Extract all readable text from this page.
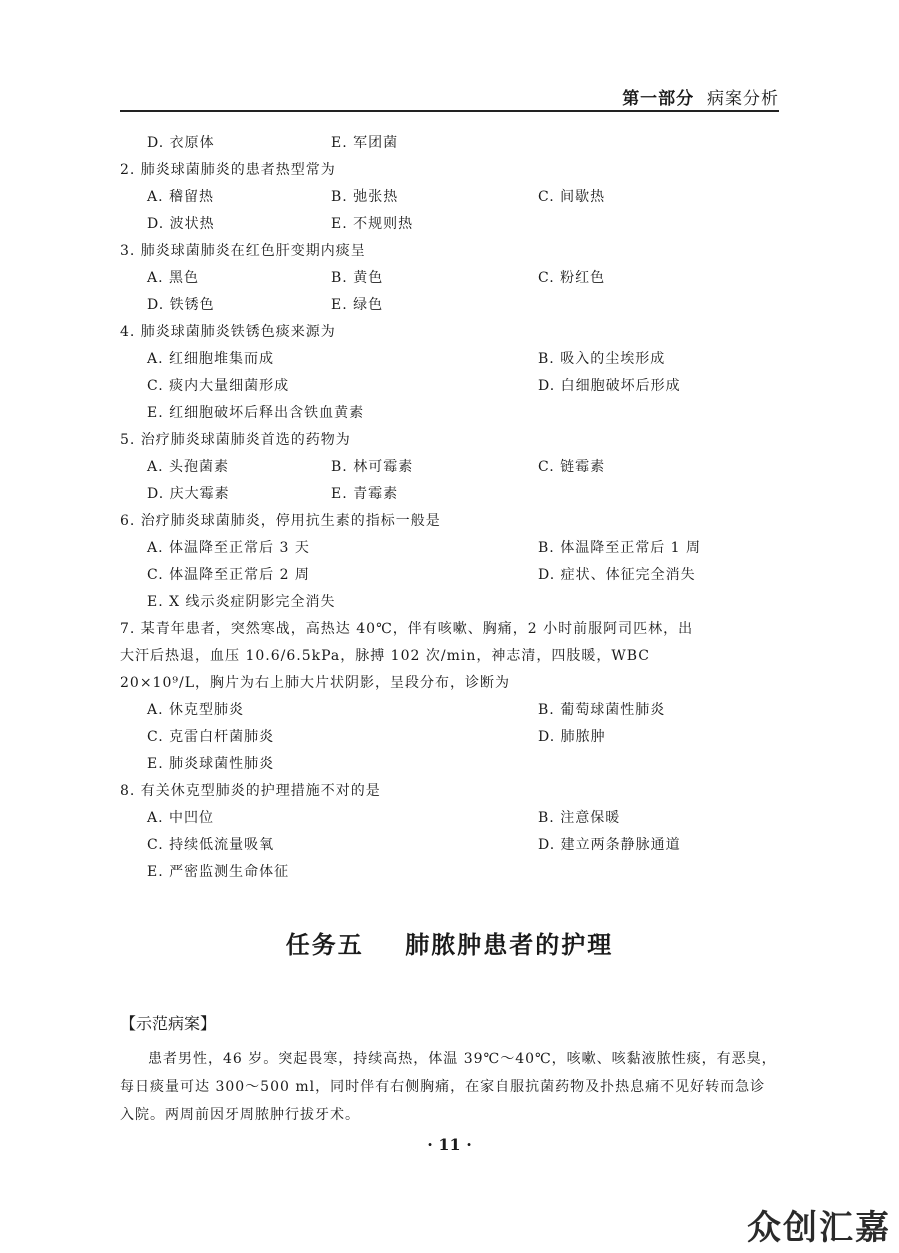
第一部分 病案分析
D. 衣原体	E. 军团菌
2. 肺炎球菌肺炎的患者热型常为
A. 稽留热	B. 弛张热	C. 间歇热
D. 波状热	E. 不规则热
3. 肺炎球菌肺炎在红色肝变期内痰呈
A. 黑色	B. 黄色	C. 粉红色
D. 铁锈色	E. 绿色
4. 肺炎球菌肺炎铁锈色痰来源为
A. 红细胞堆集而成	B. 吸入的尘埃形成
C. 痰内大量细菌形成	D. 白细胞破坏后形成
E. 红细胞破坏后释出含铁血黄素
5. 治疗肺炎球菌肺炎首选的药物为
A. 头孢菌素	B. 林可霉素	C. 链霉素
D. 庆大霉素	E. 青霉素
6. 治疗肺炎球菌肺炎，停用抗生素的指标一般是
A. 体温降至正常后 3 天	B. 体温降至正常后 1 周
C. 体温降至正常后 2 周	D. 症状、体征完全消失
E. X 线示炎症阴影完全消失
7. 某青年患者，突然寒战，高热达 40℃，伴有咳嗽、胸痛，2 小时前服阿司匹林，出
大汗后热退，血压 10.6/6.5kPa，脉搏 102 次/min，神志清，四肢暖，WBC
20×10⁹/L，胸片为右上肺大片状阴影，呈段分布，诊断为
A. 休克型肺炎	B. 葡萄球菌性肺炎
C. 克雷白杆菌肺炎	D. 肺脓肿
E. 肺炎球菌性肺炎
8. 有关休克型肺炎的护理措施不对的是
A. 中凹位	B. 注意保暖
C. 持续低流量吸氧	D. 建立两条静脉通道
E. 严密监测生命体征
任务五    肺脓肿患者的护理
【示范病案】
患者男性，46 岁。突起畏寒，持续高热，体温 39℃～40℃，咳嗽、咳黏液脓性痰，有恶臭，每日痰量可达 300～500 ml，同时伴有右侧胸痛，在家自服抗菌药物及扑热息痛不见好转而急诊入院。两周前因牙周脓肿行拔牙术。
· 11 ·
众创汇嘉
